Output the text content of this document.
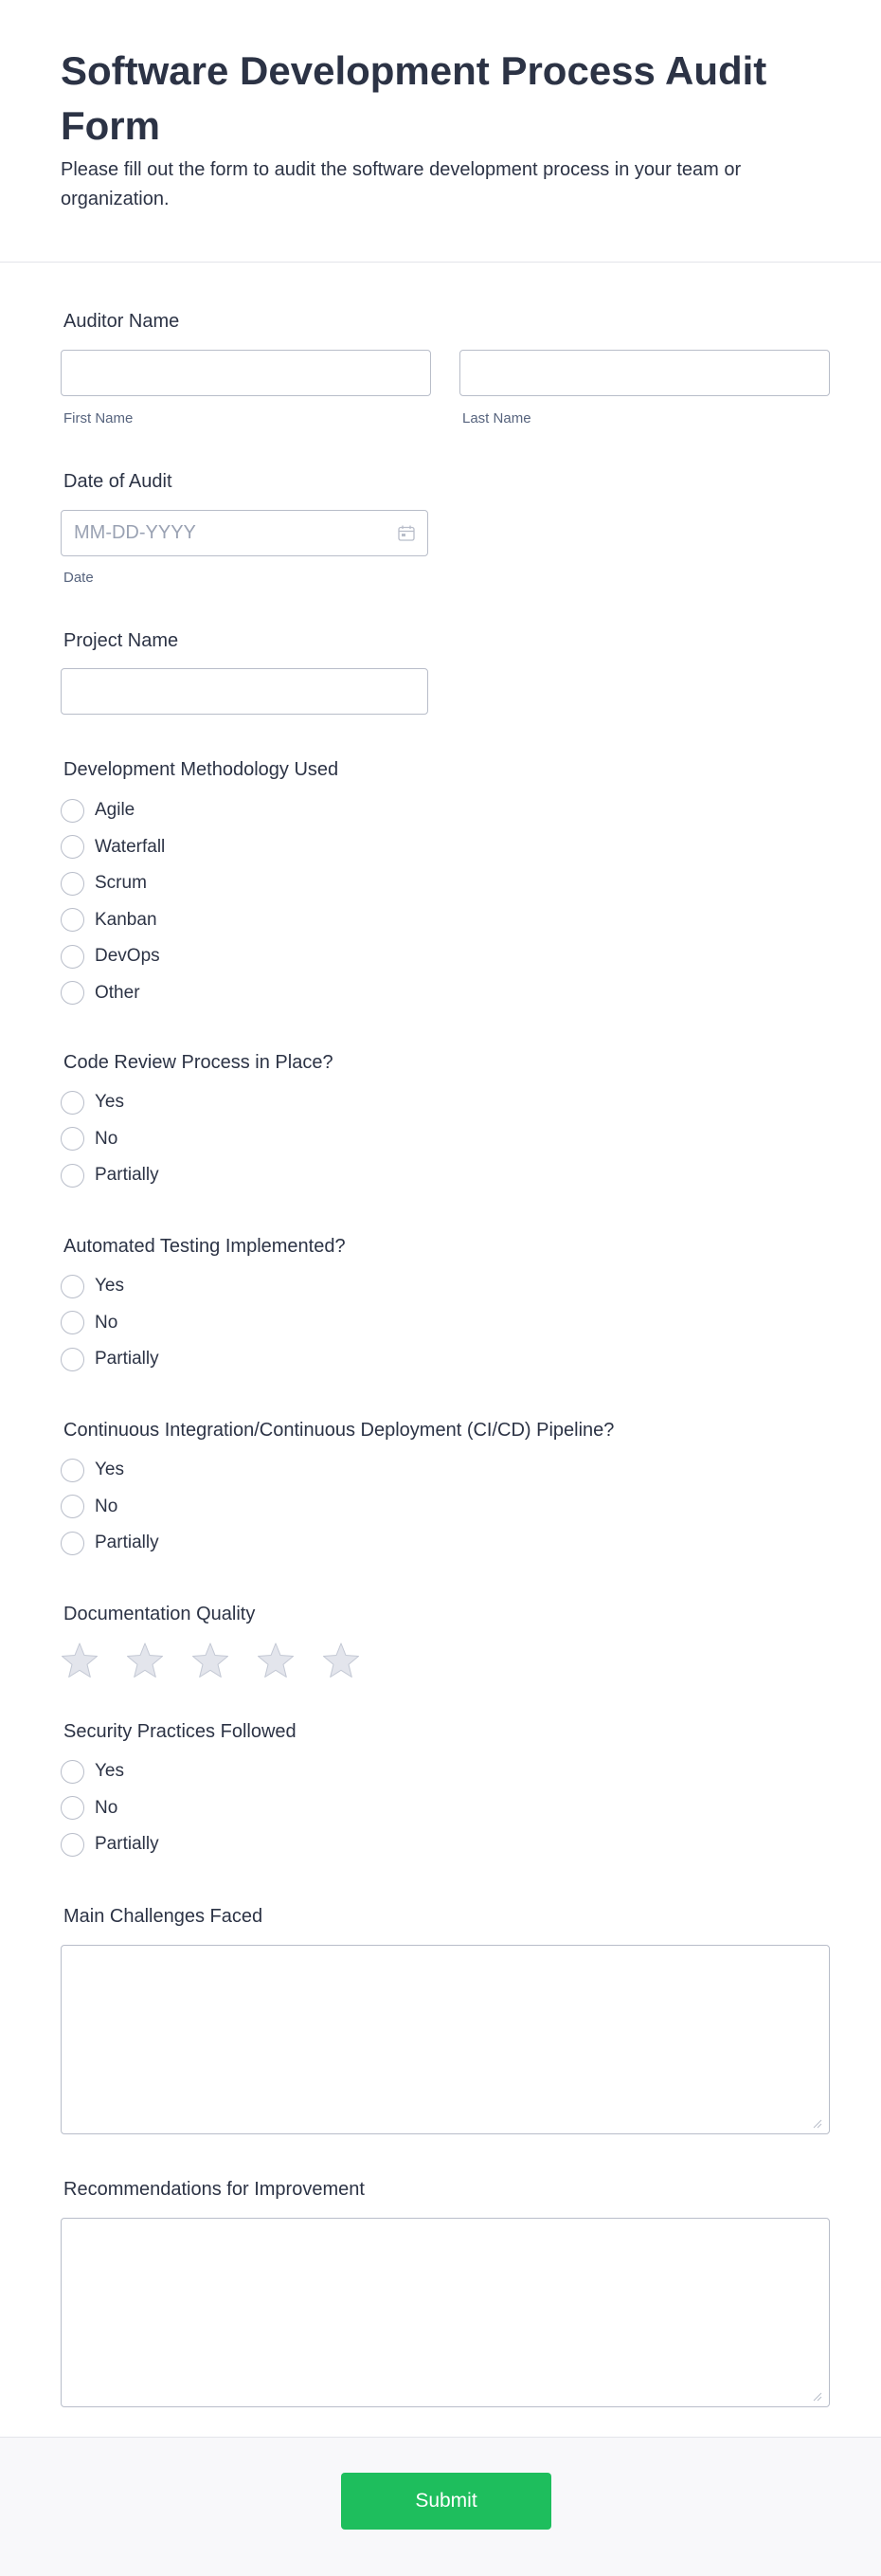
Software Development Process Audit Form

Please fill out the form to audit the software development process in your team or organization.

Auditor Name
First Name	Last Name
Date of Audit
MM-DD-YYYY
Date
Project Name
Development Methodology Used
Agile
Waterfall
Scrum
Kanban
DevOps
Other
Code Review Process in Place?
Yes
No
Partially
Automated Testing Implemented?
Yes
No
Partially
Continuous Integration/Continuous Deployment (CI/CD) Pipeline?
Yes
No
Partially
Documentation Quality
Security Practices Followed
Yes
No
Partially
Main Challenges Faced
Recommendations for Improvement
Submit
